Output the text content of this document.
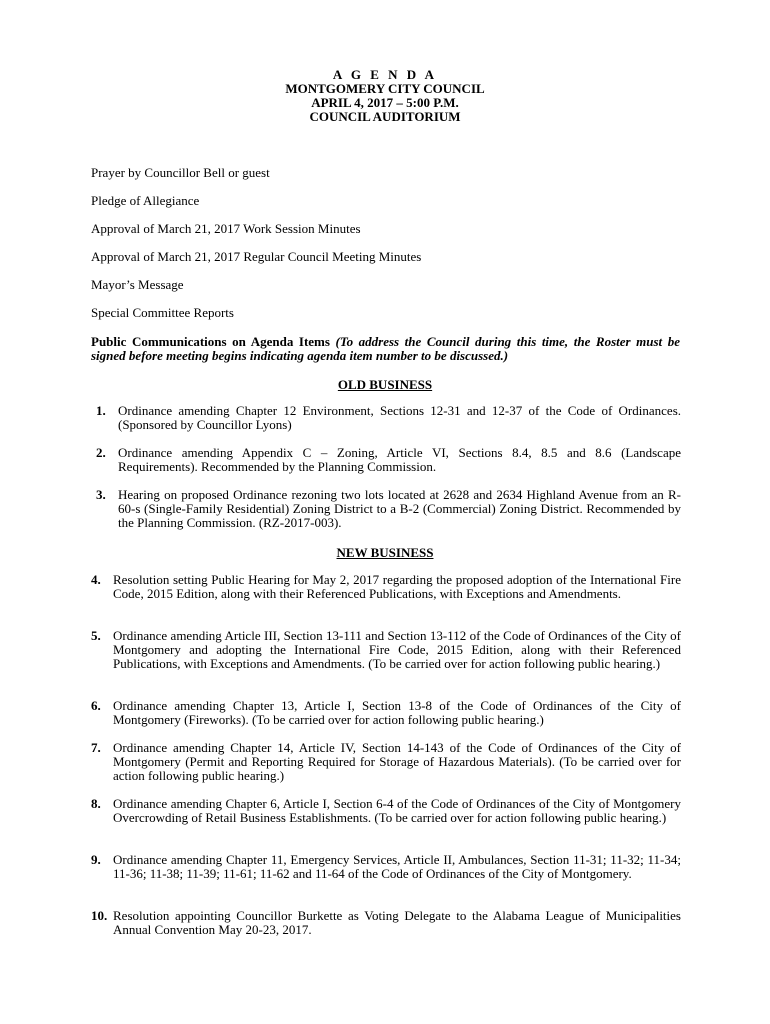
A G E N D A
MONTGOMERY CITY COUNCIL
APRIL 4, 2017 – 5:00 P.M.
COUNCIL AUDITORIUM
Prayer by Councillor Bell or guest
Pledge of Allegiance
Approval of March 21, 2017 Work Session Minutes
Approval of March 21, 2017 Regular Council Meeting Minutes
Mayor’s Message
Special Committee Reports
Public Communications on Agenda Items (To address the Council during this time, the Roster must be signed before meeting begins indicating agenda item number to be discussed.)
OLD BUSINESS
1. Ordinance amending Chapter 12 Environment, Sections 12-31 and 12-37 of the Code of Ordinances. (Sponsored by Councillor Lyons)
2. Ordinance amending Appendix C – Zoning, Article VI, Sections 8.4, 8.5 and 8.6 (Landscape Requirements). Recommended by the Planning Commission.
3. Hearing on proposed Ordinance rezoning two lots located at 2628 and 2634 Highland Avenue from an R-60-s (Single-Family Residential) Zoning District to a B-2 (Commercial) Zoning District. Recommended by the Planning Commission. (RZ-2017-003).
NEW BUSINESS
4. Resolution setting Public Hearing for May 2, 2017 regarding the proposed adoption of the International Fire Code, 2015 Edition, along with their Referenced Publications, with Exceptions and Amendments.
5. Ordinance amending Article III, Section 13-111 and Section 13-112 of the Code of Ordinances of the City of Montgomery and adopting the International Fire Code, 2015 Edition, along with their Referenced Publications, with Exceptions and Amendments. (To be carried over for action following public hearing.)
6. Ordinance amending Chapter 13, Article I, Section 13-8 of the Code of Ordinances of the City of Montgomery (Fireworks). (To be carried over for action following public hearing.)
7. Ordinance amending Chapter 14, Article IV, Section 14-143 of the Code of Ordinances of the City of Montgomery (Permit and Reporting Required for Storage of Hazardous Materials). (To be carried over for action following public hearing.)
8. Ordinance amending Chapter 6, Article I, Section 6-4 of the Code of Ordinances of the City of Montgomery Overcrowding of Retail Business Establishments. (To be carried over for action following public hearing.)
9. Ordinance amending Chapter 11, Emergency Services, Article II, Ambulances, Section 11-31; 11-32; 11-34; 11-36; 11-38; 11-39; 11-61; 11-62 and 11-64 of the Code of Ordinances of the City of Montgomery.
10. Resolution appointing Councillor Burkette as Voting Delegate to the Alabama League of Municipalities Annual Convention May 20-23, 2017.
